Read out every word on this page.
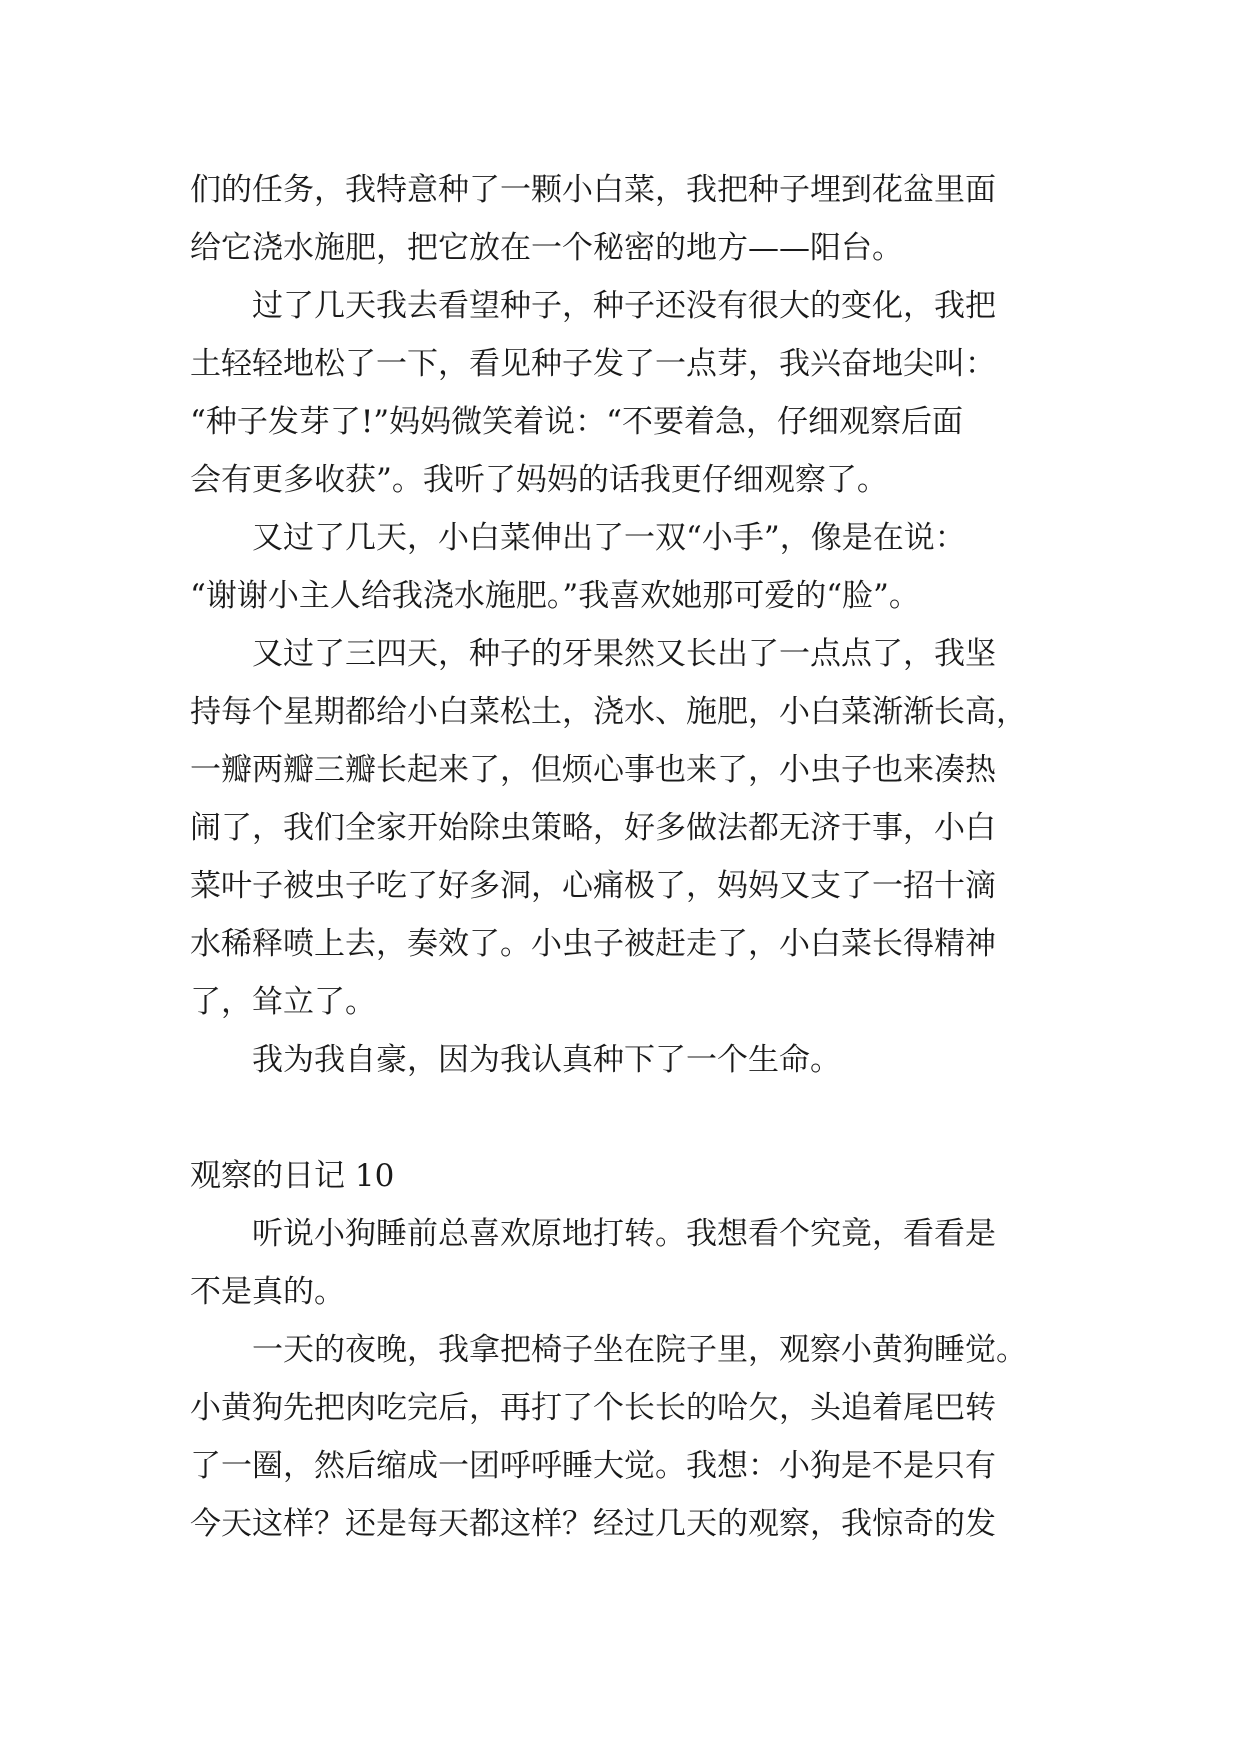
们的任务，我特意种了一颗小白菜，我把种子埋到花盆里面
给它浇水施肥，把它放在一个秘密的地方——阳台。
过了几天我去看望种子，种子还没有很大的变化，我把
土轻轻地松了一下，看见种子发了一点芽，我兴奋地尖叫：
“种子发芽了!”妈妈微笑着说：“不要着急，仔细观察后面
会有更多收获”。我听了妈妈的话我更仔细观察了。
又过了几天，小白菜伸出了一双“小手”，像是在说：
“谢谢小主人给我浇水施肥。”我喜欢她那可爱的“脸”。
又过了三四天，种子的牙果然又长出了一点点了，我坚
持每个星期都给小白菜松土，浇水、施肥，小白菜渐渐长高，
一瓣两瓣三瓣长起来了，但烦心事也来了，小虫子也来凑热
闹了，我们全家开始除虫策略，好多做法都无济于事，小白
菜叶子被虫子吃了好多洞，心痛极了，妈妈又支了一招十滴
水稀释喷上去，奏效了。小虫子被赶走了，小白菜长得精神
了，耸立了。
我为我自豪，因为我认真种下了一个生命。
观察的日记 10
听说小狗睡前总喜欢原地打转。我想看个究竟，看看是
不是真的。
一天的夜晚，我拿把椅子坐在院子里，观察小黄狗睡觉。
小黄狗先把肉吃完后，再打了个长长的哈欠，头追着尾巴转
了一圈，然后缩成一团呼呼睡大觉。我想：小狗是不是只有
今天这样？还是每天都这样？经过几天的观察，我惊奇的发
